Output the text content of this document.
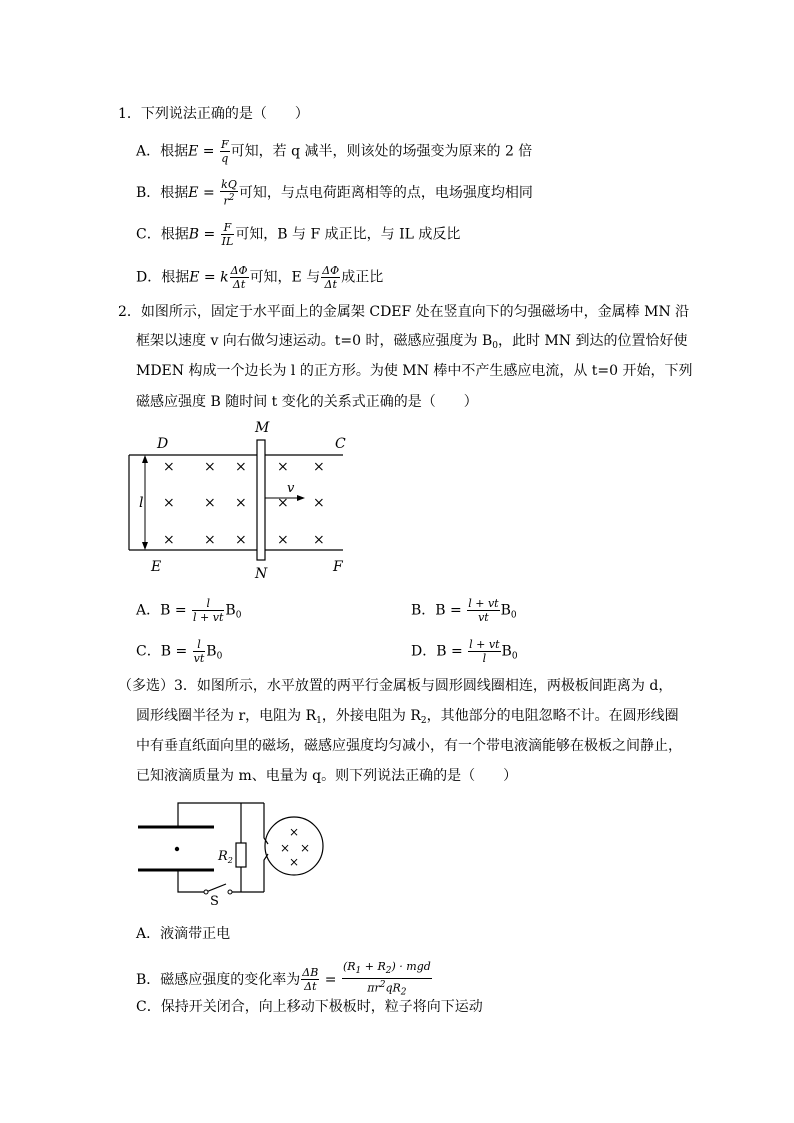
1．下列说法正确的是（　　）
A．根据$E = \frac{F}{q}$ 可知，若 q 减半，则该处的场强变为原来的 2 倍
B．根据$E = \frac{kQ}{r^2}$ 可知，与点电荷距离相等的点，电场强度均相同
C．根据$B = \frac{F}{IL}$ 可知，B 与 F 成正比，与 IL 成反比
D．根据E = k $\frac{\Delta\Phi}{\Delta t}$ 可知，E 与 $\frac{\Delta\Phi}{\Delta t}$ 成正比
2．如图所示，固定于水平面上的金属架 CDEF 处在竖直向下的匀强磁场中，金属棒 MN 沿
框架以速度 v 向右做匀速运动。t=0 时，磁感应强度为 $B_0$，此时 MN 到达的位置恰好使
MDEN 构成一个边长为 l 的正方形。为使 MN 棒中不产生感应电流，从 t=0 开始，下列
磁感应强度 B 随时间 t 变化的关系式正确的是（　　）
l
D	C
E	F
M
N
× × × × ×
× × × × ×
× × × × ×
v
A．$B = \frac{l}{l + vt} B_0$	B．$B = \frac{l + vt}{vt} B_0$
C．$B = \frac{l}{vt} B_0$	D．$B = \frac{l + vt}{l} B_0$
（多选）3．如图所示，水平放置的两平行金属板与圆形圆线圈相连，两极板间距离为 d，
圆形线圈半径为 r，电阻为 $R_1$，外接电阻为 $R_2$，其他部分的电阻忽略不计。在圆形线圈
中有垂直纸面向里的磁场，磁感应强度均匀减小，有一个带电液滴能够在极板之间静止，
已知液滴质量为 m、电量为 q。则下列说法正确的是（　　）
$R_2$
S
×
× ×
×
A．液滴带正电
B．磁感应强度的变化率为 $\frac{\Delta B}{\Delta t} = \frac{(R_1 + R_2) \cdot mgd}{\pi r^2qR_2}$
C．保持开关闭合，向上移动下极板时，粒子将向下运动
